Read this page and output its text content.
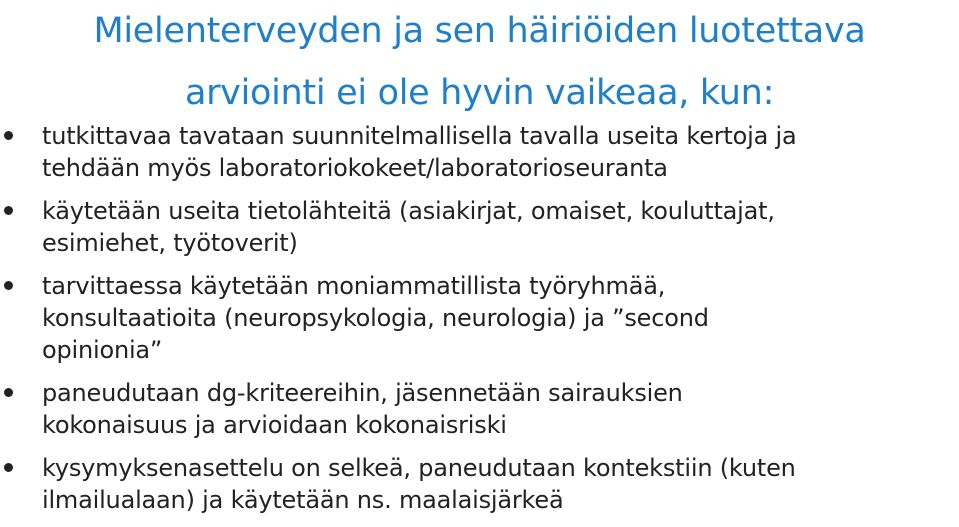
Mielenterveyden ja sen häiriöiden luotettava
arviointi ei ole hyvin vaikeaa, kun:
tutkittavaa tavataan suunnitelmallisella tavalla useita kertoja ja
tehdään myös laboratoriokokeet/laboratorioseuranta
käytetään useita tietolähteitä (asiakirjat, omaiset, kouluttajat,
esimiehet, työtoverit)
tarvittaessa käytetään moniammatillista työryhmää,
konsultaatioita (neuropsykologia, neurologia) ja ”second
opinionia”
paneudutaan dg-kriteereihin, jäsennetään sairauksien
kokonaisuus ja arvioidaan kokonaisriski
kysymyksenasettelu on selkeä, paneudutaan kontekstiin (kuten
ilmailualaan) ja käytetään ns. maalaisjärkeä
